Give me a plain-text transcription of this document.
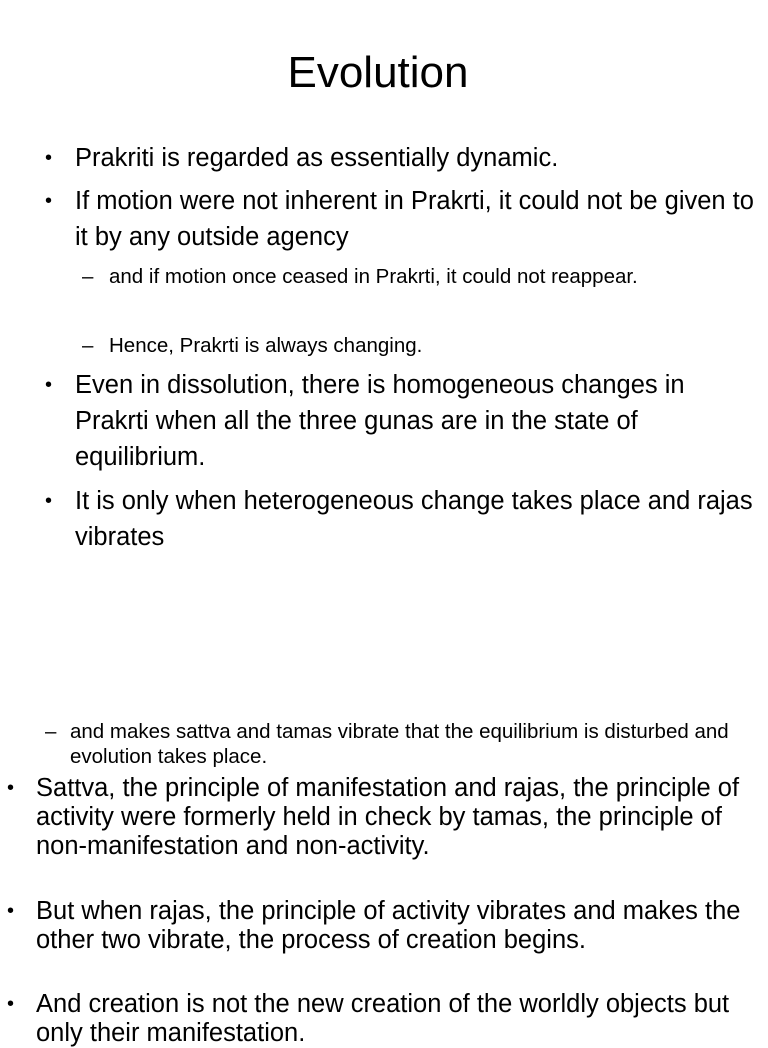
Evolution

• Prakriti is regarded as essentially dynamic.

• If motion were not inherent in Prakrti, it could not be given to it by any outside agency

– and if motion once ceased in Prakrti, it could not reappear.

– Hence, Prakrti is always changing.

• Even in dissolution, there is homogeneous changes in Prakrti when all the three gunas are in the state of equilibrium.

• It is only when heterogeneous change takes place and rajas vibrates

– and makes sattva and tamas vibrate that the equilibrium is disturbed and evolution takes place.

• Sattva, the principle of manifestation and rajas, the principle of activity were formerly held in check by tamas, the principle of non-manifestation and non-activity.

• But when rajas, the principle of activity vibrates and makes the other two vibrate, the process of creation begins.

• And creation is not the new creation of the worldly objects but only their manifestation.
